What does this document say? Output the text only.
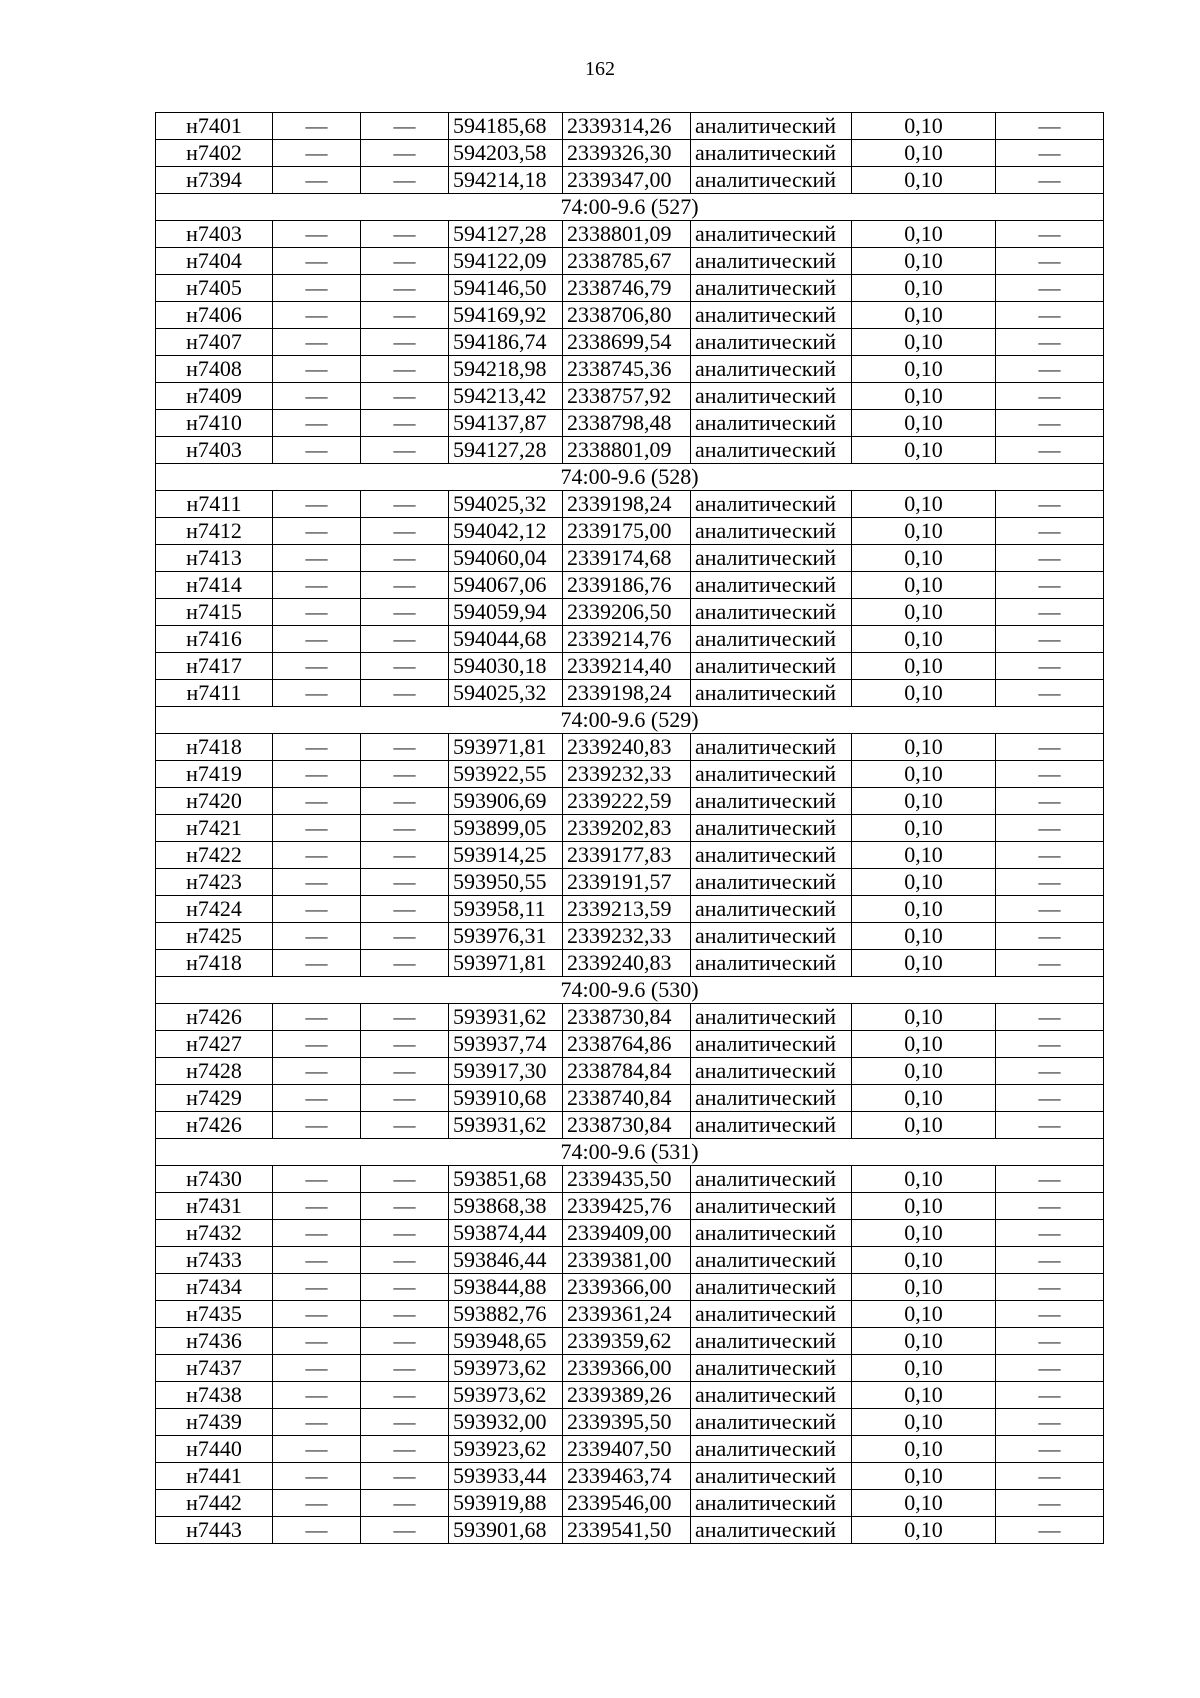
162
н7401	—	—	594185,68	2339314,26	аналитический	0,10	—
н7402	—	—	594203,58	2339326,30	аналитический	0,10	—
н7394	—	—	594214,18	2339347,00	аналитический	0,10	—
74:00-9.6 (527)							
н7403	—	—	594127,28	2338801,09	аналитический	0,10	—
н7404	—	—	594122,09	2338785,67	аналитический	0,10	—
н7405	—	—	594146,50	2338746,79	аналитический	0,10	—
н7406	—	—	594169,92	2338706,80	аналитический	0,10	—
н7407	—	—	594186,74	2338699,54	аналитический	0,10	—
н7408	—	—	594218,98	2338745,36	аналитический	0,10	—
н7409	—	—	594213,42	2338757,92	аналитический	0,10	—
н7410	—	—	594137,87	2338798,48	аналитический	0,10	—
н7403	—	—	594127,28	2338801,09	аналитический	0,10	—
74:00-9.6 (528)							
н7411	—	—	594025,32	2339198,24	аналитический	0,10	—
н7412	—	—	594042,12	2339175,00	аналитический	0,10	—
н7413	—	—	594060,04	2339174,68	аналитический	0,10	—
н7414	—	—	594067,06	2339186,76	аналитический	0,10	—
н7415	—	—	594059,94	2339206,50	аналитический	0,10	—
н7416	—	—	594044,68	2339214,76	аналитический	0,10	—
н7417	—	—	594030,18	2339214,40	аналитический	0,10	—
н7411	—	—	594025,32	2339198,24	аналитический	0,10	—
74:00-9.6 (529)							
н7418	—	—	593971,81	2339240,83	аналитический	0,10	—
н7419	—	—	593922,55	2339232,33	аналитический	0,10	—
н7420	—	—	593906,69	2339222,59	аналитический	0,10	—
н7421	—	—	593899,05	2339202,83	аналитический	0,10	—
н7422	—	—	593914,25	2339177,83	аналитический	0,10	—
н7423	—	—	593950,55	2339191,57	аналитический	0,10	—
н7424	—	—	593958,11	2339213,59	аналитический	0,10	—
н7425	—	—	593976,31	2339232,33	аналитический	0,10	—
н7418	—	—	593971,81	2339240,83	аналитический	0,10	—
74:00-9.6 (530)							
н7426	—	—	593931,62	2338730,84	аналитический	0,10	—
н7427	—	—	593937,74	2338764,86	аналитический	0,10	—
н7428	—	—	593917,30	2338784,84	аналитический	0,10	—
н7429	—	—	593910,68	2338740,84	аналитический	0,10	—
н7426	—	—	593931,62	2338730,84	аналитический	0,10	—
74:00-9.6 (531)							
н7430	—	—	593851,68	2339435,50	аналитический	0,10	—
н7431	—	—	593868,38	2339425,76	аналитический	0,10	—
н7432	—	—	593874,44	2339409,00	аналитический	0,10	—
н7433	—	—	593846,44	2339381,00	аналитический	0,10	—
н7434	—	—	593844,88	2339366,00	аналитический	0,10	—
н7435	—	—	593882,76	2339361,24	аналитический	0,10	—
н7436	—	—	593948,65	2339359,62	аналитический	0,10	—
н7437	—	—	593973,62	2339366,00	аналитический	0,10	—
н7438	—	—	593973,62	2339389,26	аналитический	0,10	—
н7439	—	—	593932,00	2339395,50	аналитический	0,10	—
н7440	—	—	593923,62	2339407,50	аналитический	0,10	—
н7441	—	—	593933,44	2339463,74	аналитический	0,10	—
н7442	—	—	593919,88	2339546,00	аналитический	0,10	—
н7443	—	—	593901,68	2339541,50	аналитический	0,10	—
